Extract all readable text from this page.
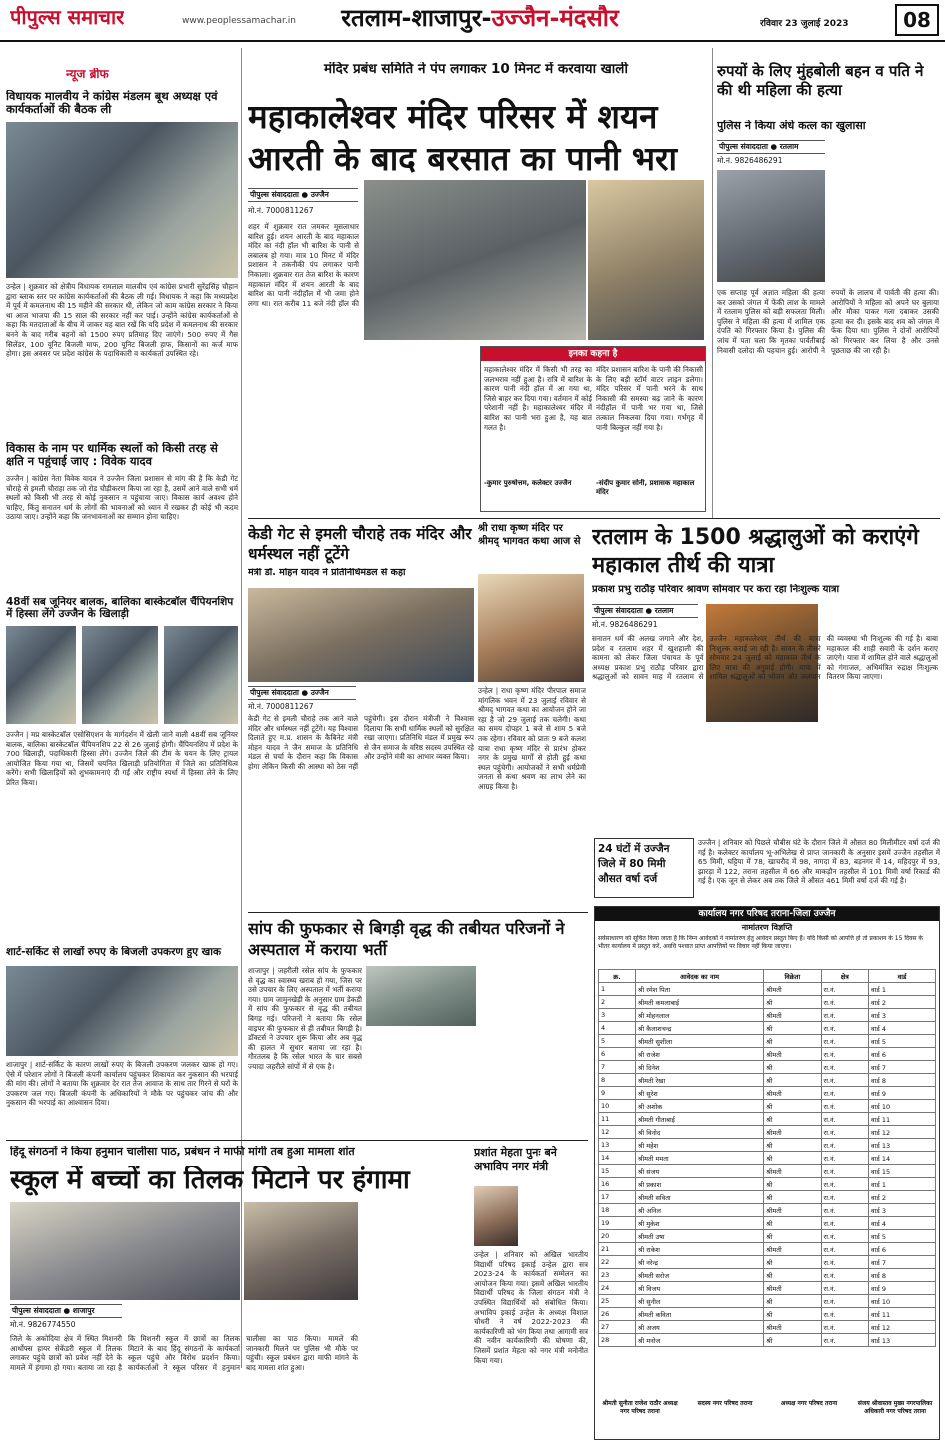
पीपुल्स समाचार	www.peoplessamachar.in	रतलाम-शाजापुर-उज्जैन-मंदसौर	रविवार 23 जुलाई 2023	08
न्यूज ब्रीफ
विधायक मालवीय ने कांग्रेस मंडलम बूथ अध्यक्ष एवं कार्यकर्ताओं की बैठक ली
उन्हेल | शुक्रवार को क्षेत्रीय विधायक रामलाल मालवीय एवं कांग्रेस प्रभारी सुरेंद्रसिंह चौहान द्वारा ब्लाक स्तर पर कांग्रेस कार्यकर्ताओं की बैठक ली गई। विधायक ने कहा कि मध्यप्रदेश में पूर्व में कमलनाथ की 15 महीने की सरकार थी, लेकिन जो काम कांग्रेस सरकार ने किया था आज भाजपा की 15 साल की सरकार नहीं कर पाई। उन्होंने कांग्रेस कार्यकर्ताओं से कहा कि मतदाताओं के बीच में जाकर यह बात रखें कि यदि प्रदेश में कमलनाथ की सरकार बनने के बाद गरीब बहनों को 1500 रुपए प्रतिमाह दिए जाएंगे। 500 रुपए में गैस सिलेंडर, 100 यूनिट बिजली माफ, 200 यूनिट बिजली हाफ, किसानों का कर्ज माफ होगा। इस अवसर पर प्रदेश कांग्रेस के पदाधिकारी व कार्यकर्ता उपस्थित रहे।
विकास के नाम पर धार्मिक स्थलों को किसी तरह से क्षति न पहुंचाई जाए : विवेक यादव
उज्जैन | कांग्रेस नेता विवेक यादव ने उज्जैन जिला प्रशासन से मांग की है कि केडी गेट चौराहे से इमली चौराहा तक जो रोड चौड़ीकरण किया जा रहा है, उसमें आने वाले सभी धर्म स्थलों को किसी भी तरह से कोई नुकसान न पहुंचाया जाए। विकास कार्य अवश्य होने चाहिए, किंतु सनातन धर्म के लोगों की भावनाओं को ध्यान में रखकर ही कोई भी कदम उठाया जाए। उन्होंने कहा कि जनभावनाओं का सम्मान होना चाहिए।
48वीं सब जूनियर बालक, बालिका बास्केटबॉल चैंपियनशिप में हिस्सा लेंगे उज्जैन के खिलाड़ी
उज्जैन | मप्र बास्केटबॉल एसोसिएशन के मार्गदर्शन में खेली जाने वाली 48वीं सब जूनियर बालक, बालिका बास्केटबॉल चैंपियनशिप 22 से 26 जुलाई होगी। चैंपियनशिप में प्रदेश के 700 खिलाड़ी, पदाधिकारी हिस्सा लेंगे। उज्जैन जिले की टीम के चयन के लिए ट्रायल आयोजित किया गया था, जिसमें चयनित खिलाड़ी प्रतियोगिता में जिले का प्रतिनिधित्व करेंगे। सभी खिलाड़ियों को शुभकामनाएं दी गईं और राष्ट्रीय स्पर्धा में हिस्सा लेने के लिए प्रेरित किया।
शार्ट-सर्किट से लाखों रुपए के बिजली उपकरण हुए खाक
शाजापुर | शार्ट-सर्किट के कारण लाखों रुपए के बिजली उपकरण जलकर खाक हो गए। ऐसे में परेशान लोगों ने बिजली कंपनी कार्यालय पहुंचकर शिकायत कर नुकसान की भरपाई की मांग की। लोगों ने बताया कि शुक्रवार देर रात तेज आवाज के साथ तार गिरने से घरों के उपकरण जल गए। बिजली कंपनी के अधिकारियों ने मौके पर पहुंचकर जांच की और नुकसान की भरपाई का आश्वासन दिया।
मंदिर प्रबंध समिति ने पंप लगाकर 10 मिनट में करवाया खाली
महाकालेश्वर मंदिर परिसर में शयन आरती के बाद बरसात का पानी भरा
पीपुल्स संवाददाता ● उज्जैन
मो.नं. 7000811267
शहर में शुक्रवार रात जमकर मूसलाधार बारिश हुई। शयन आरती के बाद महाकाल मंदिर का नंदी हॉल भी बारिश के पानी से लबालब हो गया। मात्र 10 मिनट में मंदिर प्रशासन ने तकनीकी पंप लगाकर पानी निकाला। शुक्रवार रात तेज बारिश के कारण महाकाल मंदिर में शयन आरती के बाद बारिश का पानी नंदीहॉल में भी जमा होने लगा था। रात करीब 11 बजे नंदी हॉल की
इनका कहना है
महाकालेश्वर मंदिर में किसी भी तरह का जलभराव नहीं हुआ है। रात्रि में बारिश के कारण पानी नंदी हॉल में आ गया था, जिसे बाहर कर दिया गया। वर्तमान में कोई परेशानी नहीं है। महाकालेश्वर मंदिर में बारिश का पानी भरा हुआ है, यह बात गलत है।
मंदिर प्रशासन बारिश के पानी की निकासी के लिए बड़ी स्टॉर्म वाटर लाइन डलेगा। मंदिर परिसर में पानी भरने के साथ निकासी की समस्या बढ़ जाने के कारण नंदीहॉल में पानी भर गया था, जिसे तत्काल निकलवा दिया गया। गर्भगृह में पानी बिल्कुल नहीं गया है।
-कुमार पुरुषोत्तम, कलेक्टर उज्जैन	-संदीप कुमार सोनी, प्रशासक महाकाल मंदिर
रुपयों के लिए मुंहबोली बहन व पति ने की थी महिला की हत्या
पुलिस ने किया अंधे कत्ल का खुलासा
पीपुल्स संवाददाता ● रतलाम
मो.नं. 9826486291
एक सप्ताह पूर्व अज्ञात महिला की हत्या कर उसको जंगल में फेंकी लाश के मामले में रतलाम पुलिस को बड़ी सफलता मिली। पुलिस ने महिला की हत्या में शामिल एक दंपति को गिरफ्तार किया है। पुलिस की जांच में पता चला कि मृतका पार्वतीबाई निवासी दलोदा की पहचान हुई। आरोपी ने रुपयों के लालच में पार्वती की हत्या की। आरोपियों ने महिला को अपने घर बुलाया और मौका पाकर गला दबाकर उसकी हत्या कर दी। इसके बाद शव को जंगल में फेंक दिया था। पुलिस ने दोनों आरोपियों को गिरफ्तार कर लिया है और उनसे पूछताछ की जा रही है।
केडी गेट से इमली चौराहे तक मंदिर और धर्मस्थल नहीं टूटेंगे
मंत्री डॉ. मोहन यादव ने प्रतिनिधिमंडल से कहा
पीपुल्स संवाददाता ● उज्जैन
मो.नं. 7000811267
केडी गेट से इमली चौराहे तक आने वाले मंदिर और धर्मस्थल नहीं टूटेंगे। यह विश्वास दिलाते हुए म.प्र. शासन के कैबिनेट मंत्री मोहन यादव ने जैन समाज के प्रतिनिधि मंडल से चर्चा के दौरान कहा कि विकास होगा लेकिन किसी की आस्था को ठेस नहीं पहुंचेगी। इस दौरान मंत्रीजी ने विश्वास दिलाया कि सभी धार्मिक स्थलों को सुरक्षित रखा जाएगा। प्रतिनिधि मंडल में प्रमुख रूप से जैन समाज के वरिष्ठ सदस्य उपस्थित रहे और उन्होंने मंत्री का आभार व्यक्त किया।
श्री राधा कृष्ण मंदिर पर श्रीमद् भागवत कथा आज से
उन्हेल | राधा कृष्ण मंदिर पीरपाल समाज मांगलिक भवन में 23 जुलाई रविवार से श्रीमद् भागवत कथा का आयोजन होने जा रहा है जो 29 जुलाई तक चलेगी। कथा का समय दोपहर 1 बजे से शाम 5 बजे तक रहेगा। रविवार को प्रातः 9 बजे कलश यात्रा राधा कृष्ण मंदिर से प्रारंभ होकर नगर के प्रमुख मार्गों से होती हुई कथा स्थल पहुंचेगी। आयोजकों ने सभी धर्मप्रेमी जनता से कथा श्रवण का लाभ लेने का आग्रह किया है।
रतलाम के 1500 श्रद्धालुओं को कराएंगे महाकाल तीर्थ की यात्रा
प्रकाश प्रभु राठौड़ परिवार श्रावण सोमवार पर करा रहा निःशुल्क यात्रा
पीपुल्स संवाददाता ● रतलाम
मो.नं. 9826486291
सनातन धर्म की अलख जगाने और देश, प्रदेश व रतलाम शहर में खुशहाली की कामना को लेकर जिला पंचायत के पूर्व अध्यक्ष प्रकाश प्रभु राठौड़ परिवार द्वारा श्रद्धालुओं को सावन माह में रतलाम से उज्जैन महाकालेश्वर तीर्थ की यात्रा निःशुल्क कराई जा रही है। सावन के तीसरे सोमवार 24 जुलाई को महाकाल तीर्थ के लिए यात्रा की अगुवाई होगी। यात्रा में शामिल श्रद्धालुओं को भोजन और जलपान की व्यवस्था भी निःशुल्क की गई है। बाबा महाकाल की शाही सवारी के दर्शन कराए जाएंगे। यात्रा में शामिल होने वाले श्रद्धालुओं को गंगाजल, अभिमंत्रित रुद्राक्ष निःशुल्क वितरण किया जाएगा।
सांप की फुफकार से बिगड़ी वृद्ध की तबीयत परिजनों ने अस्पताल में कराया भर्ती
शाजापुर | जहरीली रसेल सांप के फुफकार से वृद्ध का स्वास्थ्य खराब हो गया, जिस पर उसे उपचार के लिए अस्पताल में भर्ती कराया गया। ग्राम जामुनखेड़ी के अनुसार ग्राम डेकडी में सांप की फुफकार से वृद्ध की तबीयत बिगड़ गई। परिजनों ने बताया कि रसेल वाइपर की फुफकार से ही तबीयत बिगड़ी है। डॉक्टर्स ने उपचार शुरू किया और अब वृद्ध की हालत में सुधार बताया जा रहा है। गौरतलब है कि रसेल भारत के चार सबसे ज्यादा जहरीले सांपों में से एक है।
24 घंटों में उज्जैन जिले में 80 मिमी औसत वर्षा दर्ज
उज्जैन | शनिवार को पिछले चौबीस घंटे के दौरान जिले में औसत 80 मिलीमीटर वर्षा दर्ज की गई है। कलेक्टर कार्यालय भू-अभिलेख से प्राप्त जानकारी के अनुसार इसमें उज्जैन तहसील में 65 मिमी, घट्टिया में 78, खाचरौद में 98, नागदा में 83, बड़नगर में 14, महिदपुर में 93, झारड़ा में 122, तराना तहसील में 66 और माकड़ौन तहसील में 101 मिमी वर्षा रिकार्ड की गई है। एक जून से लेकर अब तक जिले में औसत 461 मिमी वर्षा दर्ज की गई है।
कार्यालय नगर परिषद तराना-जिला उज्जैन
नामांतरण विज्ञप्ति
सर्वसाधारण को सूचित किया जाता है कि निम्न आवेदकों ने नामांतरण हेतु आवेदन प्रस्तुत किए हैं। यदि किसी को आपत्ति हो तो प्रकाशन के 15 दिवस के भीतर कार्यालय में प्रस्तुत करें, अवधि पश्चात प्राप्त आपत्तियों पर विचार नहीं किया जाएगा।
क्र.	आवेदक का नाम	विक्रेता	क्षेत्र	वार्ड
1	श्री रमेश पिता	श्रीमती	रा.नं.	वार्ड 1
2	श्रीमती कमलाबाई	श्री	रा.नं.	वार्ड 2
3	श्री मोहनलाल	श्रीमती	रा.नं.	वार्ड 3
4	श्री कैलाशचन्द्र	श्री	रा.नं.	वार्ड 4
5	श्रीमती सुशीला	श्री	रा.नं.	वार्ड 5
6	श्री राजेश	श्रीमती	रा.नं.	वार्ड 6
7	श्री दिनेश	श्री	रा.नं.	वार्ड 7
8	श्रीमती रेखा	श्री	रा.नं.	वार्ड 8
9	श्री सुरेश	श्रीमती	रा.नं.	वार्ड 9
10	श्री अशोक	श्री	रा.नं.	वार्ड 10
11	श्रीमती गीताबाई	श्री	रा.नं.	वार्ड 11
12	श्री विनोद	श्रीमती	रा.नं.	वार्ड 12
13	श्री महेश	श्री	रा.नं.	वार्ड 13
14	श्रीमती ममता	श्री	रा.नं.	वार्ड 14
15	श्री संजय	श्रीमती	रा.नं.	वार्ड 15
16	श्री प्रकाश	श्री	रा.नं.	वार्ड 1
17	श्रीमती सविता	श्री	रा.नं.	वार्ड 2
18	श्री अनिल	श्रीमती	रा.नं.	वार्ड 3
19	श्री मुकेश	श्री	रा.नं.	वार्ड 4
20	श्रीमती उषा	श्री	रा.नं.	वार्ड 5
21	श्री राकेश	श्रीमती	रा.नं.	वार्ड 6
22	श्री नरेन्द्र	श्री	रा.नं.	वार्ड 7
23	श्रीमती सरोज	श्री	रा.नं.	वार्ड 8
24	श्री विजय	श्रीमती	रा.नं.	वार्ड 9
25	श्री सुनील	श्री	रा.नं.	वार्ड 10
26	श्रीमती कविता	श्री	रा.नं.	वार्ड 11
27	श्री अजय	श्रीमती	रा.नं.	वार्ड 12
28	श्री मनोज	श्री	रा.नं.	वार्ड 13
श्रीमती सुनीता राजेश राठौर अध्यक्ष नगर परिषद तराना
सदस्य नगर परिषद तराना	अध्यक्ष नगर परिषद तराना	संजय श्रीवास्तव मुख्य नगरपालिका अधिकारी नगर परिषद तराना
हिंदू संगठनों ने किया हनुमान चालीसा पाठ, प्रबंधन ने माफी मांगी तब हुआ मामला शांत
स्कूल में बच्चों का तिलक मिटाने पर हंगामा
पीपुल्स संवाददाता ● शाजापुर
मो.नं. 9826774550
जिले के अकोदिया क्षेत्र में स्थित मिशनरी आर्थोफ्स हायर सेकेंडरी स्कूल में तिलक लगाकर पहुंचे छात्रों को प्रवेश नहीं देने के मामले में हंगामा हो गया। बताया जा रहा है कि मिशनरी स्कूल में छात्रों का तिलक मिटाने के बाद हिंदू संगठनों के कार्यकर्ता स्कूल पहुंचे और विरोध प्रदर्शन किया। कार्यकर्ताओं ने स्कूल परिसर में हनुमान चालीसा का पाठ किया। मामले की जानकारी मिलने पर पुलिस भी मौके पर पहुंची। स्कूल प्रबंधन द्वारा माफी मांगने के बाद मामला शांत हुआ।
प्रशांत मेहता पुनः बने अभाविप नगर मंत्री
उन्हेल | शनिवार को अखिल भारतीय विद्यार्थी परिषद इकाई उन्हेल द्वारा सत्र 2023-24 के कार्यकर्ता सम्मेलन का आयोजन किया गया। इसमें अखिल भारतीय विद्यार्थी परिषद के जिला संगठन मंत्री ने उपस्थित विद्यार्थियों को संबोधित किया। अभाविप इकाई उन्हेल के अध्यक्ष विशाल चौधरी ने वर्ष 2022-2023 की कार्यकारिणी को भंग किया तथा आगामी सत्र की नवीन कार्यकारिणी की घोषणा की, जिसमें प्रशांत मेहता को नगर मंत्री मनोनीत किया गया।
